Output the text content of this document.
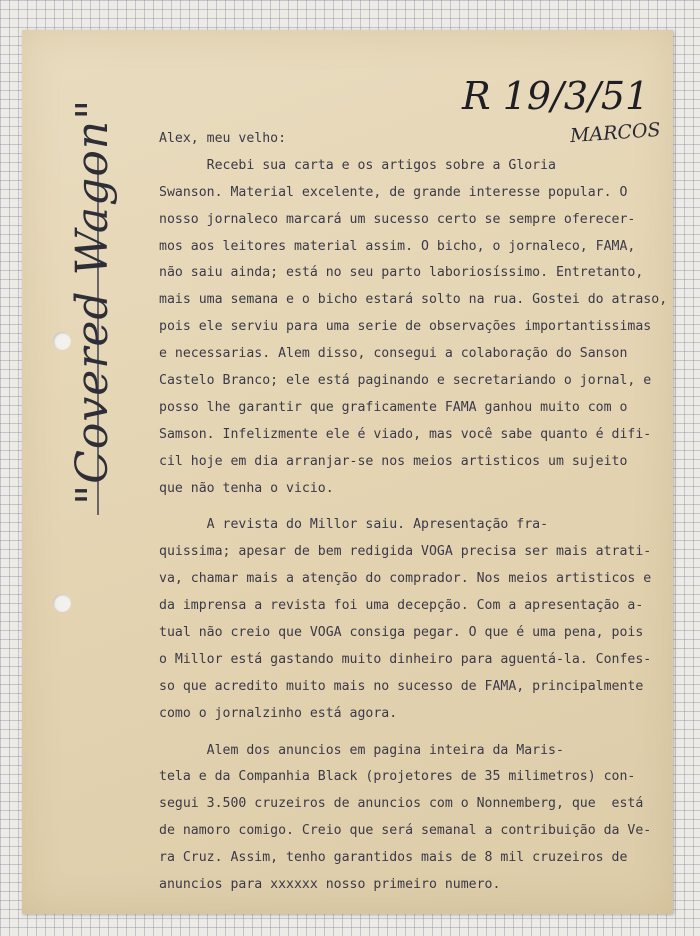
"Covered Wagon"
R 19/3/51
MARCOS
Alex, meu velho:
Recebi sua carta e os artigos sobre a Gloria
Swanson. Material excelente, de grande interesse popular. O
nosso jornaleco marcará um sucesso certo se sempre oferecer-
mos aos leitores material assim. O bicho, o jornaleco, FAMA,
não saiu ainda; está no seu parto laboriosíssimo. Entretanto,
mais uma semana e o bicho estará solto na rua. Gostei do atraso,
pois ele serviu para uma serie de observações importantissimas
e necessarias. Alem disso, consegui a colaboração do Sanson
Castelo Branco; ele está paginando e secretariando o jornal, e
posso lhe garantir que graficamente FAMA ganhou muito com o
Samson. Infelizmente ele é viado, mas você sabe quanto é difi-
cil hoje em dia arranjar-se nos meios artisticos um sujeito
que não tenha o vicio.
A revista do Millor saiu. Apresentação fra-
quissima; apesar de bem redigida VOGA precisa ser mais atrati-
va, chamar mais a atenção do comprador. Nos meios artisticos e
da imprensa a revista foi uma decepção. Com a apresentação a-
tual não creio que VOGA consiga pegar. O que é uma pena, pois
o Millor está gastando muito dinheiro para aguentá-la. Confes-
so que acredito muito mais no sucesso de FAMA, principalmente
como o jornalzinho está agora.
Alem dos anuncios em pagina inteira da Maris-
tela e da Companhia Black (projetores de 35 milimetros) con-
segui 3.500 cruzeiros de anuncios com o Nonnemberg, que  está
de namoro comigo. Creio que será semanal a contribuição da Ve-
ra Cruz. Assim, tenho garantidos mais de 8 mil cruzeiros de
anuncios para xxxxxx nosso primeiro numero.
